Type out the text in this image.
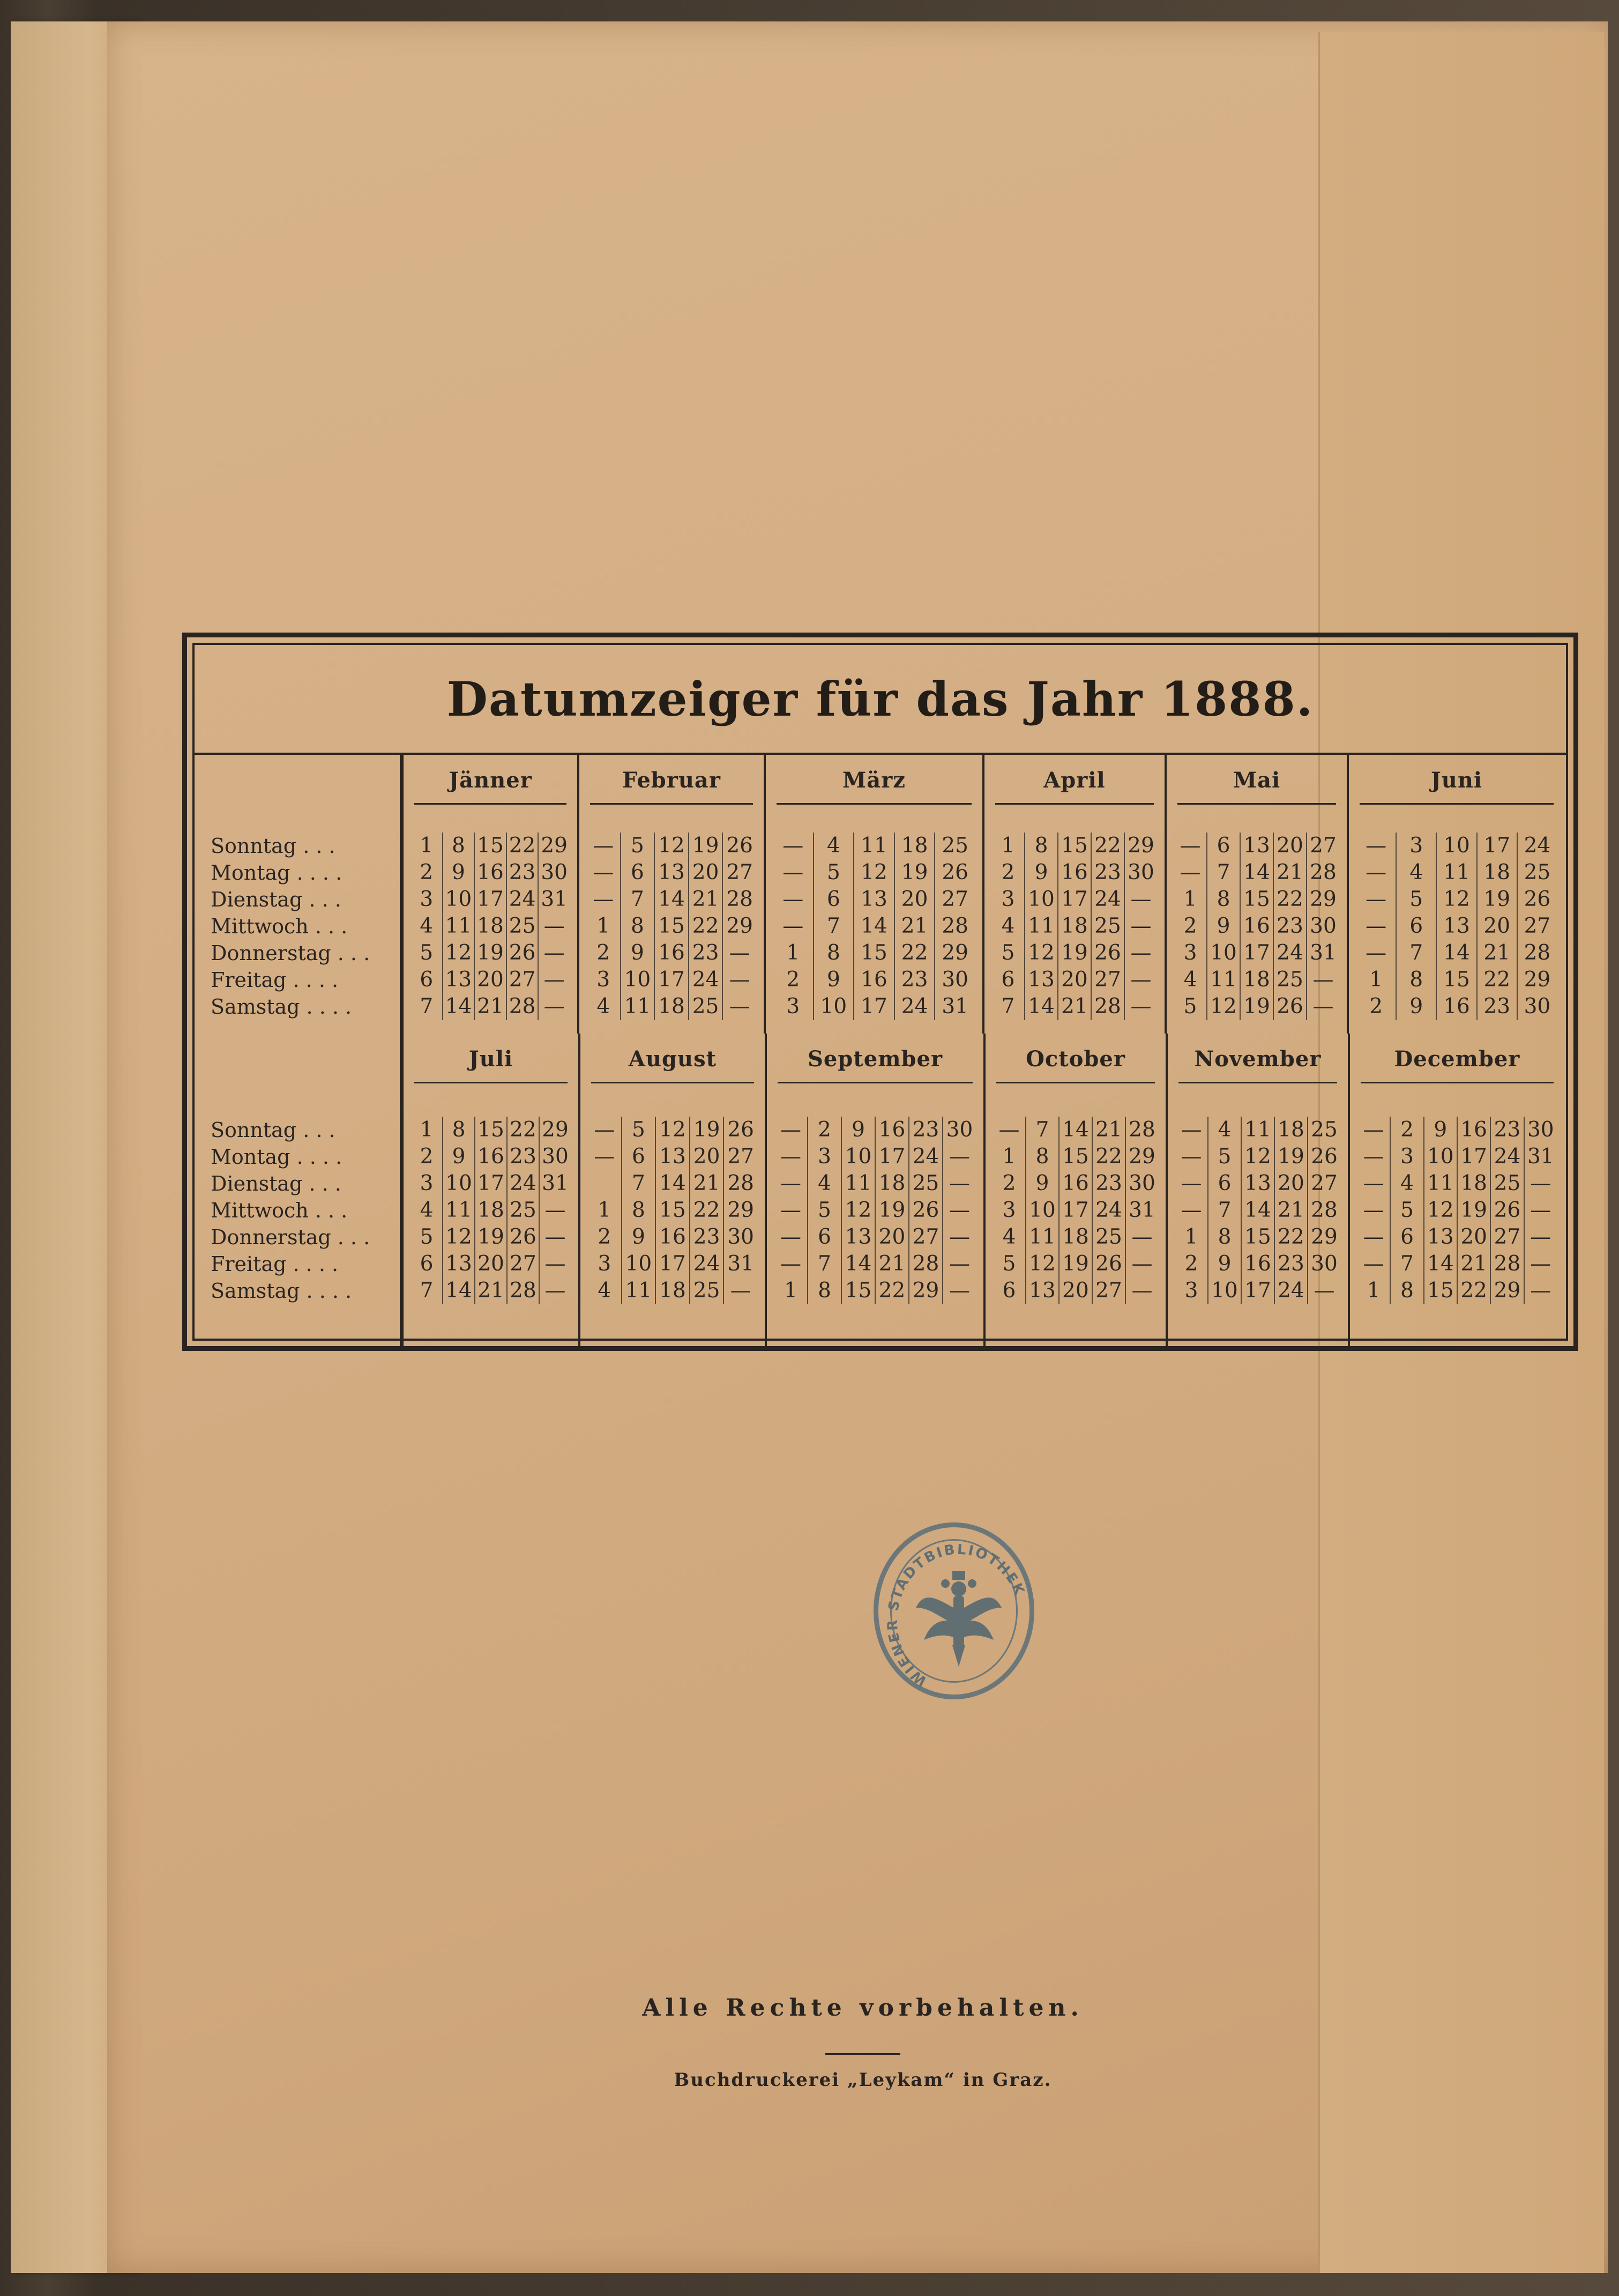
Datumzeiger für das Jahr 1888.
Sonntag . . .
Montag . . . .
Dienstag . . .
Mittwoch . . .
Donnerstag . . .
Freitag . . . .
Samstag . . . .
Jänner
1
2
3
4
5
6
7
8
9
10
11
12
13
14
15
16
17
18
19
20
21
22
23
24
25
26
27
28
29
30
31
—
—
—
—
Februar
—
—
—
1
2
3
4
5
6
7
8
9
10
11
12
13
14
15
16
17
18
19
20
21
22
23
24
25
26
27
28
29
—
—
—
März
—
—
—
—
1
2
3
4
5
6
7
8
9
10
11
12
13
14
15
16
17
18
19
20
21
22
23
24
25
26
27
28
29
30
31
April
1
2
3
4
5
6
7
8
9
10
11
12
13
14
15
16
17
18
19
20
21
22
23
24
25
26
27
28
29
30
—
—
—
—
—
Mai
—
—
1
2
3
4
5
6
7
8
9
10
11
12
13
14
15
16
17
18
19
20
21
22
23
24
25
26
27
28
29
30
31
—
—
Juni
—
—
—
—
—
1
2
3
4
5
6
7
8
9
10
11
12
13
14
15
16
17
18
19
20
21
22
23
24
25
26
27
28
29
30
Sonntag . . .
Montag . . . .
Dienstag . . .
Mittwoch . . .
Donnerstag . . .
Freitag . . . .
Samstag . . . .
Juli
1
2
3
4
5
6
7
8
9
10
11
12
13
14
15
16
17
18
19
20
21
22
23
24
25
26
27
28
29
30
31
—
—
—
—
August
—
—
1
2
3
4
5
6
7
8
9
10
11
12
13
14
15
16
17
18
19
20
21
22
23
24
25
26
27
28
29
30
31
—
September
—
—
—
—
—
—
1
2
3
4
5
6
7
8
9
10
11
12
13
14
15
16
17
18
19
20
21
22
23
24
25
26
27
28
29
30
—
—
—
—
—
—
October
—
1
2
3
4
5
6
7
8
9
10
11
12
13
14
15
16
17
18
19
20
21
22
23
24
25
26
27
28
29
30
31
—
—
—
November
—
—
—
—
1
2
3
4
5
6
7
8
9
10
11
12
13
14
15
16
17
18
19
20
21
22
23
24
25
26
27
28
29
30
—
December
—
—
—
—
—
—
1
2
3
4
5
6
7
8
9
10
11
12
13
14
15
16
17
18
19
20
21
22
23
24
25
26
27
28
29
30
31
—
—
—
—
—
WIENER STADTBIBLIOTHEK
Alle Rechte vorbehalten.
Buchdruckerei „Leykam“ in Graz.
